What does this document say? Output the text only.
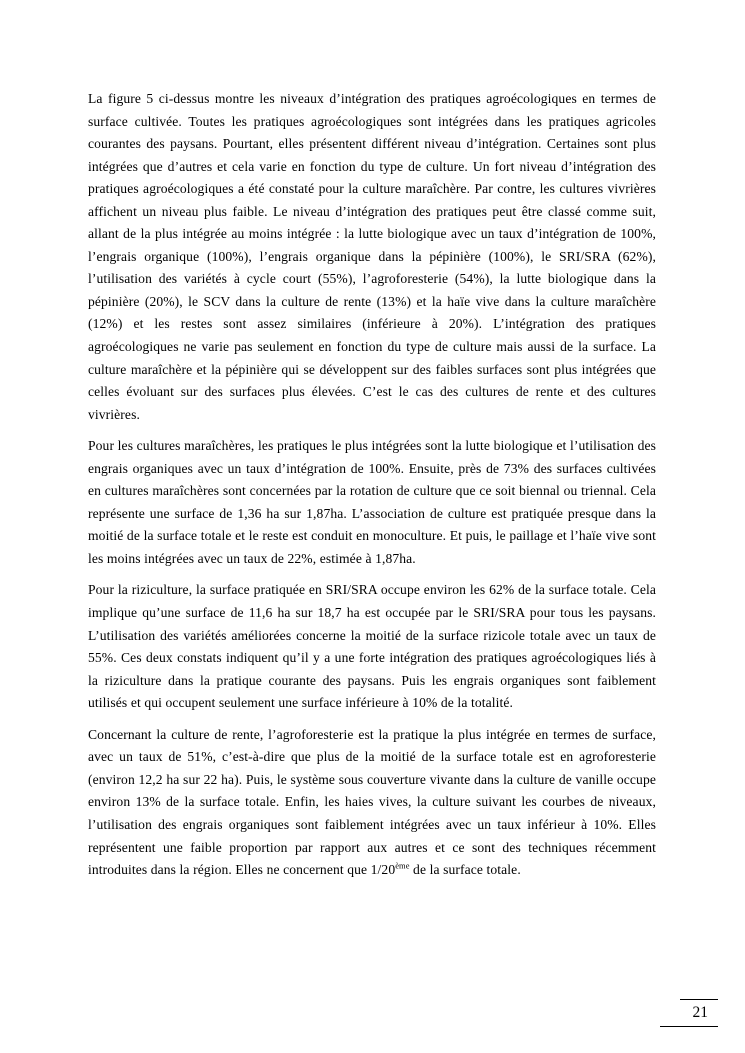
La figure 5 ci-dessus montre les niveaux d’intégration des pratiques agroécologiques en termes de surface cultivée. Toutes les pratiques agroécologiques sont intégrées dans les pratiques agricoles courantes des paysans. Pourtant, elles présentent différent niveau d’intégration. Certaines sont plus intégrées que d’autres et cela varie en fonction du type de culture. Un fort niveau d’intégration des pratiques agroécologiques a été constaté pour la culture maraîchère. Par contre, les cultures vivrières affichent un niveau plus faible. Le niveau d’intégration des pratiques peut être classé comme suit, allant de la plus intégrée au moins intégrée : la lutte biologique avec un taux d’intégration de 100%, l’engrais organique (100%), l’engrais organique dans la pépinière (100%), le SRI/SRA (62%), l’utilisation des variétés à cycle court (55%), l’agroforesterie (54%), la lutte biologique dans la pépinière (20%), le SCV dans la culture de rente (13%) et la haïe vive dans la culture maraîchère (12%) et les restes sont assez similaires (inférieure à 20%). L’intégration des pratiques agroécologiques ne varie pas seulement en fonction du type de culture mais aussi de la surface. La culture maraîchère et la pépinière qui se développent sur des faibles surfaces sont plus intégrées que celles évoluant sur des surfaces plus élevées. C’est le cas des cultures de rente et des cultures vivrières.

Pour les cultures maraîchères, les pratiques le plus intégrées sont la lutte biologique et l’utilisation des engrais organiques avec un taux d’intégration de 100%. Ensuite, près de 73% des surfaces cultivées en cultures maraîchères sont concernées par la rotation de culture que ce soit biennal ou triennal. Cela représente une surface de 1,36 ha sur 1,87ha. L’association de culture est pratiquée presque dans la moitié de la surface totale et le reste est conduit en monoculture. Et puis, le paillage et l’haïe vive sont les moins intégrées avec un taux de 22%, estimée à 1,87ha.

Pour la riziculture, la surface pratiquée en SRI/SRA occupe environ les 62% de la surface totale. Cela implique qu’une surface de 11,6 ha sur 18,7 ha est occupée par le SRI/SRA pour tous les paysans. L’utilisation des variétés améliorées concerne la moitié de la surface rizicole totale avec un taux de 55%. Ces deux constats indiquent qu’il y a une forte intégration des pratiques agroécologiques liés à la riziculture dans la pratique courante des paysans. Puis les engrais organiques sont faiblement utilisés et qui occupent seulement une surface inférieure à 10% de la totalité.

Concernant la culture de rente, l’agroforesterie est la pratique la plus intégrée en termes de surface, avec un taux de 51%, c’est-à-dire que plus de la moitié de la surface totale est en agroforesterie (environ 12,2 ha sur 22 ha). Puis, le système sous couverture vivante dans la culture de vanille occupe environ 13% de la surface totale. Enfin, les haies vives, la culture suivant les courbes de niveaux, l’utilisation des engrais organiques sont faiblement intégrées avec un taux inférieur à 10%. Elles représentent une faible proportion par rapport aux autres et ce sont des techniques récemment introduites dans la région. Elles ne concernent que 1/20ème de la surface totale.

21
